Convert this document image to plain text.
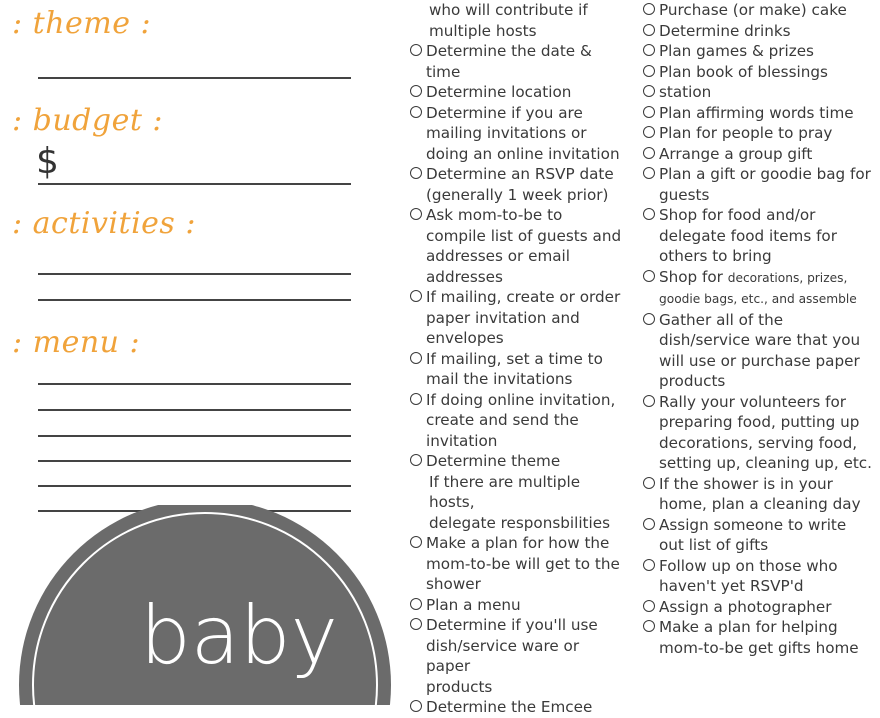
: theme :
: budget :
$
: activities :
: menu :
baby
who will contribute if
multiple hosts
Determine the date & time
Determine location
Determine if you are
mailing invitations or
doing an online invitation
Determine an RSVP date
(generally 1 week prior)
Ask mom-to-be to
compile list of guests and
addresses or email
addresses
If mailing, create or order
paper invitation and
envelopes
If mailing, set a time to
mail the invitations
If doing online invitation,
create and send the
invitation
Determine theme
If there are multiple hosts,
delegate responsbilities
Make a plan for how the
mom-to-be will get to the
shower
Plan a menu
Determine if you'll use
dish/service ware or paper
products
Determine the Emcee
Purchase (or make) cake
Determine drinks
Plan games & prizes
Plan book of blessings
station
Plan affirming words time
Plan for people to pray
Arrange a group gift
Plan a gift or goodie bag for
guests
Shop for food and/or
delegate food items for
others to bring
Shop for decorations, prizes,
goodie bags, etc., and assemble
Gather all of the
dish/service ware that you
will use or purchase paper
products
Rally your volunteers for
preparing food, putting up
decorations, serving food,
setting up, cleaning up, etc.
If the shower is in your
home, plan a cleaning day
Assign someone to write
out list of gifts
Follow up on those who
haven't yet RSVP'd
Assign a photographer
Make a plan for helping
mom-to-be get gifts home
